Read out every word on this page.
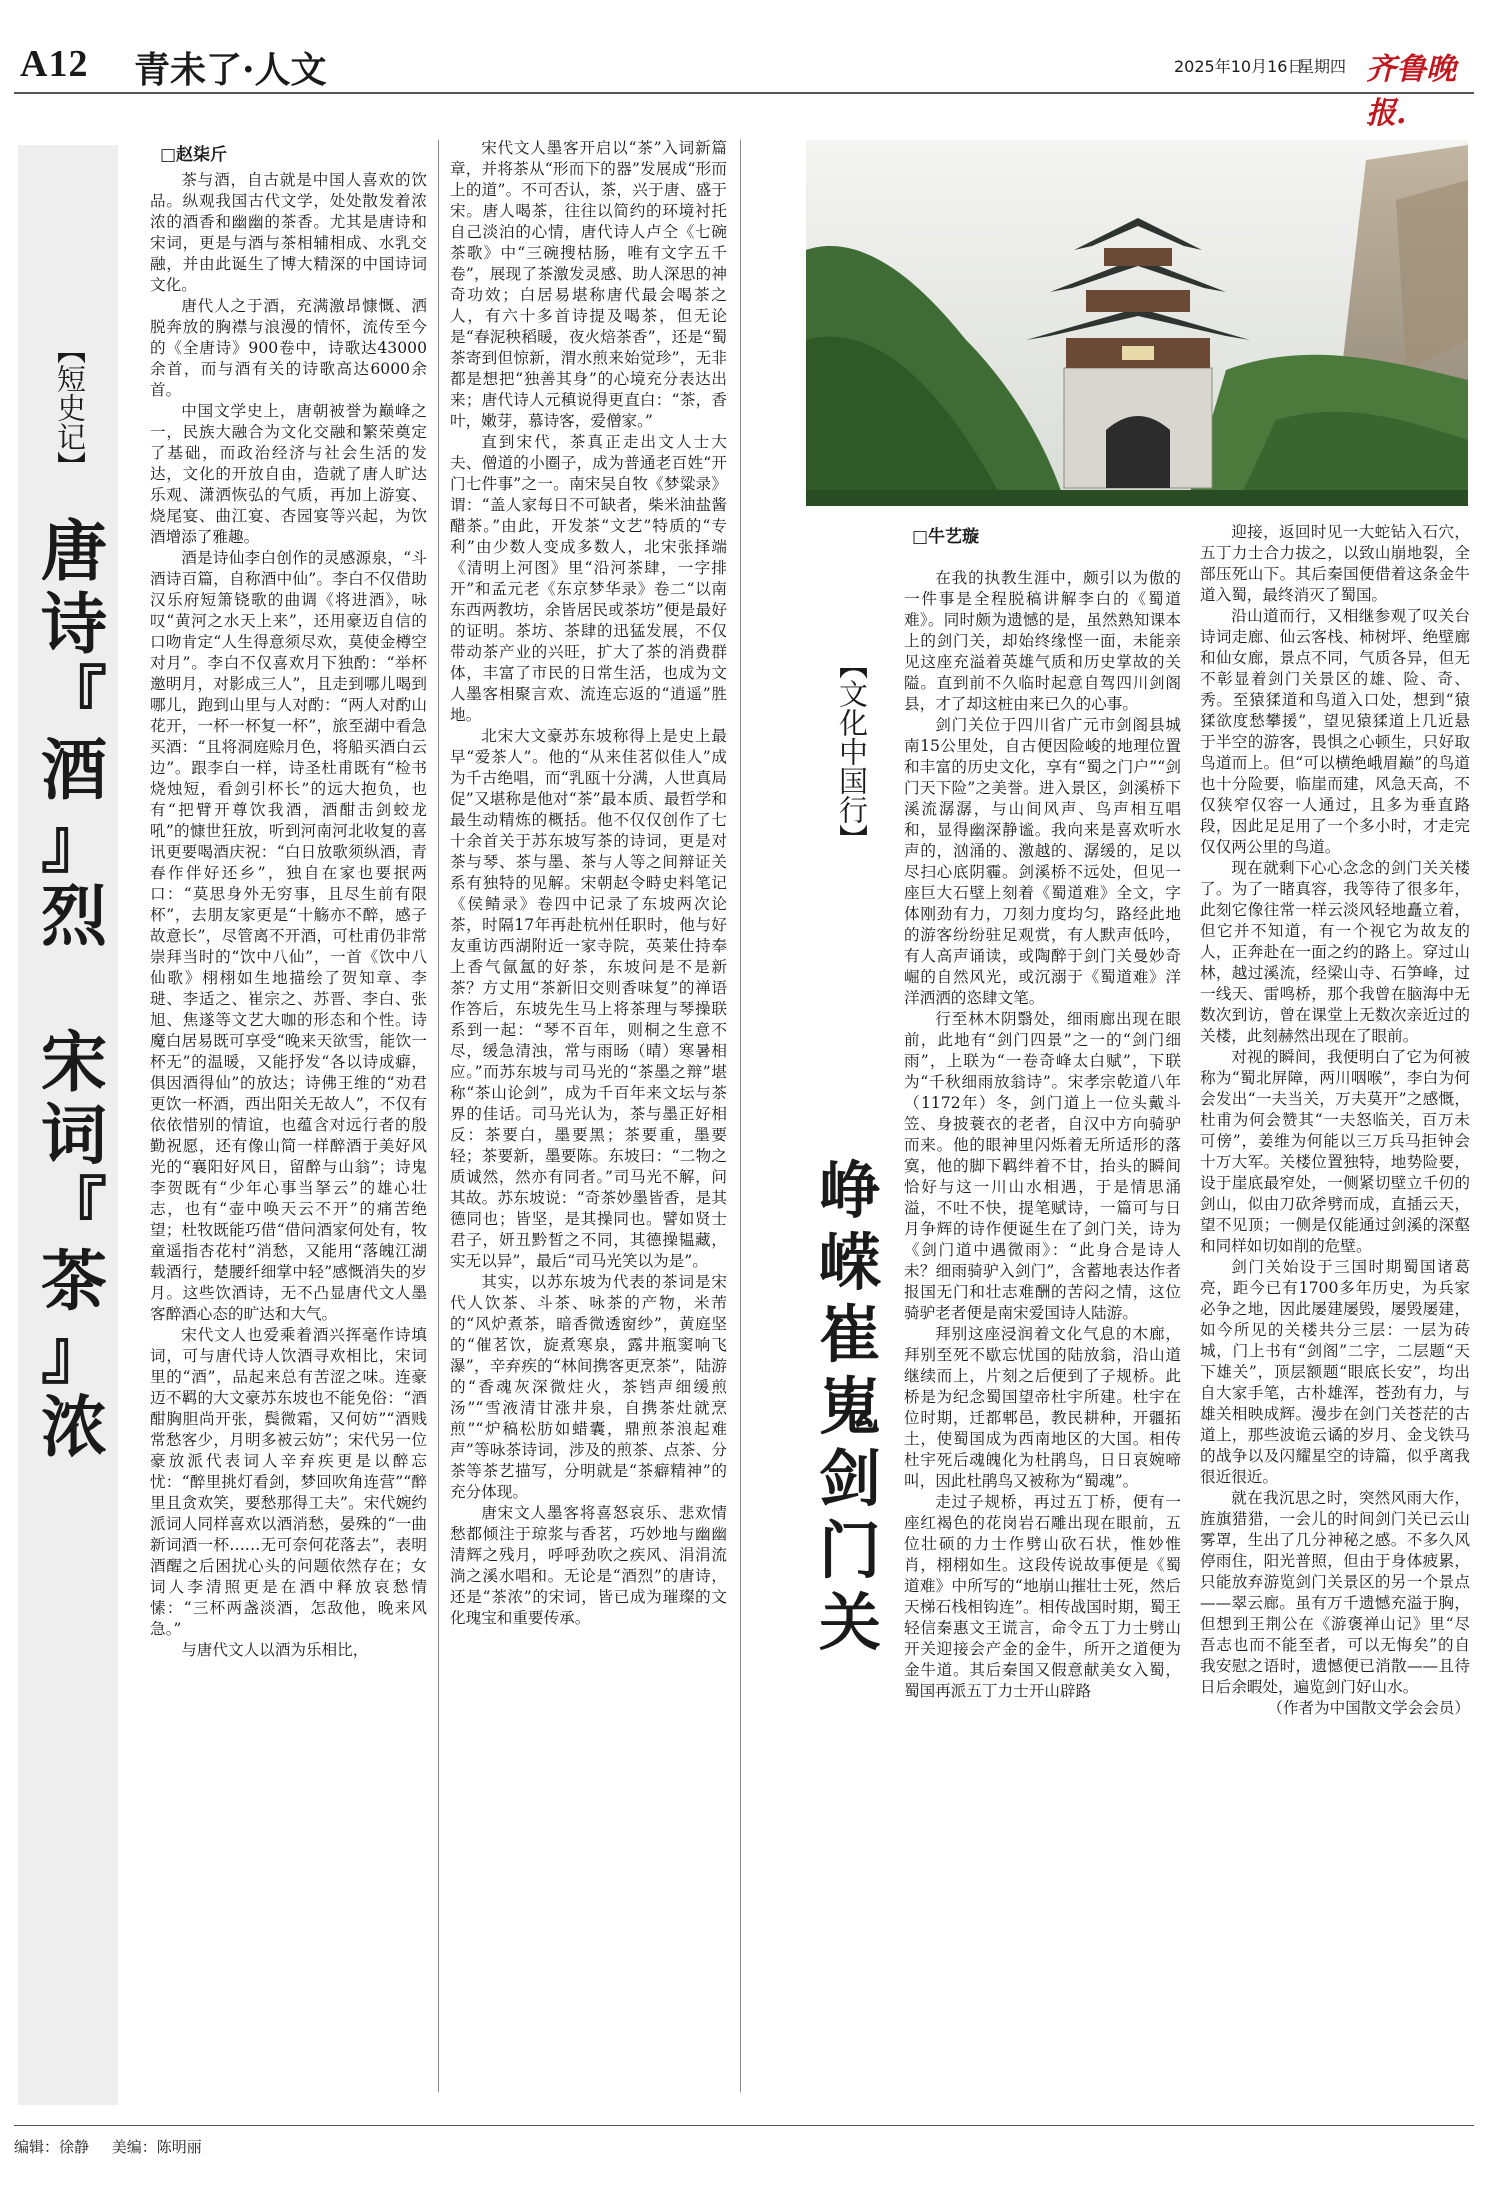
A12 青未了·人文	2025年10月16日
星期四 齐鲁晚报.
【短史记】
唐
诗
『
酒
』
烈

宋
词
『
茶
』
浓
□赵柒斤

茶与酒，自古就是中国人喜欢的饮品。纵观我国古代文学，处处散发着浓浓的酒香和幽幽的茶香。尤其是唐诗和宋词，更是与酒与茶相辅相成、水乳交融，并由此诞生了博大精深的中国诗词文化。

唐代人之于酒，充满激昂慷慨、洒脱奔放的胸襟与浪漫的情怀，流传至今的《全唐诗》900卷中，诗歌达43000余首，而与酒有关的诗歌高达6000余首。

中国文学史上，唐朝被誉为巅峰之一，民族大融合为文化交融和繁荣奠定了基础，而政治经济与社会生活的发达，文化的开放自由，造就了唐人旷达乐观、潇洒恢弘的气质，再加上游宴、烧尾宴、曲江宴、杏园宴等兴起，为饮酒增添了雅趣。

酒是诗仙李白创作的灵感源泉，“斗酒诗百篇，自称酒中仙”。李白不仅借助汉乐府短箫铙歌的曲调《将进酒》，咏叹“黄河之水天上来”，还用豪迈自信的口吻肯定“人生得意须尽欢，莫使金樽空对月”。李白不仅喜欢月下独酌：“举杯邀明月，对影成三人”，且走到哪儿喝到哪儿，跑到山里与人对酌：“两人对酌山花开，一杯一杯复一杯”，旅至湖中看急买酒：“且将洞庭赊月色，将船买酒白云边”。跟李白一样，诗圣杜甫既有“检书烧烛短，看剑引杯长”的远大抱负，也有“把臂开尊饮我酒，酒酣击剑蛟龙吼”的慷世狂放，听到河南河北收复的喜讯更要喝酒庆祝：“白日放歌须纵酒，青春作伴好还乡”，独自在家也要抿两口：“莫思身外无穷事，且尽生前有限杯”，去朋友家更是“十觞亦不醉，感子故意长”，尽管离不开酒，可杜甫仍非常崇拜当时的“饮中八仙”，一首《饮中八仙歌》栩栩如生地描绘了贺知章、李琎、李适之、崔宗之、苏晋、李白、张旭、焦遂等文艺大咖的形态和个性。诗魔白居易既可享受“晚来天欲雪，能饮一杯无”的温暖，又能抒发“各以诗成癖，俱因酒得仙”的放达；诗佛王维的“劝君更饮一杯酒，西出阳关无故人”，不仅有依依惜别的情谊，也蕴含对远行者的殷勤祝愿，还有像山简一样醉酒于美好风光的“襄阳好风日，留醉与山翁”；诗鬼李贺既有“少年心事当拏云”的雄心壮志，也有“壶中唤天云不开”的痛苦绝望；杜牧既能巧借“借问酒家何处有，牧童遥指杏花村”消愁，又能用“落魄江湖载酒行，楚腰纤细掌中轻”感慨消失的岁月。这些饮酒诗，无不凸显唐代文人墨客醉酒心态的旷达和大气。

宋代文人也爱乘着酒兴挥毫作诗填词，可与唐代诗人饮酒寻欢相比，宋词里的“酒”，品起来总有苦涩之味。连豪迈不羁的大文豪苏东坡也不能免俗：“酒酣胸胆尚开张，鬓微霜，又何妨”“酒贱常愁客少，月明多被云妨”；宋代另一位豪放派代表词人辛弃疾更是以醉忘忧：“醉里挑灯看剑，梦回吹角连营”“醉里且贪欢笑，要愁那得工夫”。宋代婉约派词人同样喜欢以酒消愁，晏殊的“一曲新词酒一杯……无可奈何花落去”，表明酒醒之后困扰心头的问题依然存在；女词人李清照更是在酒中释放哀愁情愫：“三杯两盏淡酒，怎敌他，晚来风急。”

与唐代文人以酒为乐相比，

宋代文人墨客开启以“茶”入词新篇章，并将茶从“形而下的器”发展成“形而上的道”。不可否认，茶，兴于唐、盛于宋。唐人喝茶，往往以简约的环境衬托自己淡泊的心情，唐代诗人卢仝《七碗茶歌》中“三碗搜枯肠，唯有文字五千卷”，展现了茶激发灵感、助人深思的神奇功效；白居易堪称唐代最会喝茶之人，有六十多首诗提及喝茶，但无论是“春泥秧稻暖，夜火焙茶香”，还是“蜀茶寄到但惊新，渭水煎来始觉珍”，无非都是想把“独善其身”的心境充分表达出来；唐代诗人元稹说得更直白：“茶，香叶，嫩芽，慕诗客，爱僧家。”

直到宋代，茶真正走出文人士大夫、僧道的小圈子，成为普通老百姓“开门七件事”之一。南宋吴自牧《梦粱录》谓：“盖人家每日不可缺者，柴米油盐酱醋茶。”由此，开发茶“文艺”特质的“专利”由少数人变成多数人，北宋张择端《清明上河图》里“沿河茶肆，一字排开”和孟元老《东京梦华录》卷二“以南东西两教坊，余皆居民或茶坊”便是最好的证明。茶坊、茶肆的迅猛发展，不仅带动茶产业的兴旺，扩大了茶的消费群体，丰富了市民的日常生活，也成为文人墨客相聚言欢、流连忘返的“逍遥”胜地。

北宋大文豪苏东坡称得上是史上最早“爱茶人”。他的“从来佳茗似佳人”成为千古绝唱，而“乳瓯十分满，人世真局促”又堪称是他对“茶”最本质、最哲学和最生动精炼的概括。他不仅仅创作了七十余首关于苏东坡写茶的诗词，更是对茶与琴、茶与墨、茶与人等之间辩证关系有独特的见解。宋朝赵令畤史料笔记《侯鲭录》卷四中记录了东坡两次论茶，时隔17年再赴杭州任职时，他与好友重访西湖附近一家寺院，英莱仕持奉上香气氤氲的好茶，东坡问是不是新茶？方丈用“茶新旧交则香味复”的禅语作答后，东坡先生马上将茶理与琴操联系到一起：“琴不百年，则桐之生意不尽，缓急清浊，常与雨旸（晴）寒暑相应。”而苏东坡与司马光的“茶墨之辩”堪称“茶山论剑”，成为千百年来文坛与茶界的佳话。司马光认为，茶与墨正好相反：茶要白，墨要黑；茶要重，墨要轻；茶要新，墨要陈。东坡曰：“二物之质诚然，然亦有同者。”司马光不解，问其故。苏东坡说：“奇茶妙墨皆香，是其德同也；皆坚，是其操同也。譬如贤士君子，妍丑黔皙之不同，其德操韫藏，实无以异”，最后“司马光笑以为是”。

其实，以苏东坡为代表的茶词是宋代人饮茶、斗茶、咏茶的产物，米芾的“风炉煮茶，暗香微透窗纱”，黄庭坚的“催茗饮，旋煮寒泉，露井瓶窦响飞瀑”，辛弃疾的“林间携客更烹茶”，陆游的“香魂灰深微炷火，茶铛声细缓煎汤”“雪液清甘涨井泉，自携茶灶就烹煎”“炉稿松肪如蜡囊，鼎煎茶浪起难声”等咏茶诗词，涉及的煎茶、点茶、分茶等茶艺描写，分明就是“茶癖精神”的充分体现。

唐宋文人墨客将喜怒哀乐、悲欢情愁都倾注于琼浆与香茗，巧妙地与幽幽清辉之残月，呼呼劲吹之疾风、涓涓流淌之溪水唱和。无论是“酒烈”的唐诗，还是“茶浓”的宋词，皆已成为璀璨的文化瑰宝和重要传承。

【文化中国行】
峥
嵘
崔
嵬
剑
门
关
□牛艺璇

在我的执教生涯中，颇引以为傲的一件事是全程脱稿讲解李白的《蜀道难》。同时颇为遗憾的是，虽然熟知课本上的剑门关，却始终缘悭一面，未能亲见这座充溢着英雄气质和历史掌故的关隘。直到前不久临时起意自驾四川剑阁县，才了却这桩由来已久的心事。

剑门关位于四川省广元市剑阁县城南15公里处，自古便因险峻的地理位置和丰富的历史文化，享有“蜀之门户”“剑门天下险”之美誉。进入景区，剑溪桥下溪流潺潺，与山间风声、鸟声相互唱和，显得幽深静谧。我向来是喜欢听水声的，汹涌的、激越的、潺缓的，足以尽扫心底阴霾。剑溪桥不远处，但见一座巨大石壁上刻着《蜀道难》全文，字体刚劲有力，刀刻力度均匀，路经此地的游客纷纷驻足观赏，有人默声低吟，有人高声诵读，或陶醉于剑门关曼妙奇崛的自然风光，或沉溺于《蜀道难》洋洋洒洒的恣肆文笔。

行至林木阴翳处，细雨廊出现在眼前，此地有“剑门四景”之一的“剑门细雨”，上联为“一卷奇峰太白赋”，下联为“千秋细雨放翁诗”。宋孝宗乾道八年（1172年）冬，剑门道上一位头戴斗笠、身披蓑衣的老者，自汉中方向骑驴而来。他的眼神里闪烁着无所适形的落寞，他的脚下羁绊着不甘，抬头的瞬间恰好与这一川山水相遇，于是情思涌溢，不吐不快，提笔赋诗，一篇可与日月争辉的诗作便诞生在了剑门关，诗为《剑门道中遇微雨》：“此身合是诗人未？细雨骑驴入剑门”，含蓄地表达作者报国无门和壮志难酬的苦闷之情，这位骑驴老者便是南宋爱国诗人陆游。

拜别这座浸润着文化气息的木廊，拜别至死不歇忘忧国的陆放翁，沿山道继续而上，片刻之后便到了子规桥。此桥是为纪念蜀国望帝杜宇所建。杜宇在位时期，迁都郫邑，教民耕种，开疆拓土，使蜀国成为西南地区的大国。相传杜宇死后魂魄化为杜鹃鸟，日日哀婉啼叫，因此杜鹃鸟又被称为“蜀魂”。

走过子规桥，再过五丁桥，便有一座红褐色的花岗岩石雕出现在眼前，五位壮硕的力士作劈山砍石状，惟妙惟肖，栩栩如生。这段传说故事便是《蜀道难》中所写的“地崩山摧壮士死，然后天梯石栈相钩连”。相传战国时期，蜀王轻信秦惠文王谎言，命令五丁力士劈山开关迎接会产金的金牛，所开之道便为金牛道。其后秦国又假意献美女入蜀，蜀国再派五丁力士开山辟路

迎接，返回时见一大蛇钻入石穴，五丁力士合力拔之，以致山崩地裂，全部压死山下。其后秦国便借着这条金牛道入蜀，最终消灭了蜀国。

沿山道而行，又相继参观了叹关台诗词走廊、仙云客栈、柿树坪、绝壁廊和仙女廊，景点不同，气质各异，但无不彰显着剑门关景区的雄、险、奇、秀。至猿猱道和鸟道入口处，想到“猿猱欲度愁攀援”，望见猿猱道上几近悬于半空的游客，畏惧之心顿生，只好取鸟道而上。但“可以横绝峨眉巅”的鸟道也十分险要，临崖而建，风急天高，不仅狭窄仅容一人通过，且多为垂直路段，因此足足用了一个多小时，才走完仅仅两公里的鸟道。

现在就剩下心心念念的剑门关关楼了。为了一睹真容，我等待了很多年，此刻它像往常一样云淡风轻地矗立着，但它并不知道，有一个视它为故友的人，正奔赴在一面之约的路上。穿过山林，越过溪流，经梁山寺、石笋峰，过一线天、雷鸣桥，那个我曾在脑海中无数次到访，曾在课堂上无数次亲近过的关楼，此刻赫然出现在了眼前。

对视的瞬间，我便明白了它为何被称为“蜀北屏障，两川咽喉”，李白为何会发出“一夫当关，万夫莫开”之感慨，杜甫为何会赞其“一夫怒临关，百万未可傍”，姜维为何能以三万兵马拒钟会十万大军。关楼位置独特，地势险要，设于崖底最窄处，一侧紧切壁立千仞的剑山，似由刀砍斧劈而成，直插云天，望不见顶；一侧是仅能通过剑溪的深壑和同样如切如削的危壁。

剑门关始设于三国时期蜀国诸葛亮，距今已有1700多年历史，为兵家必争之地，因此屡建屡毁，屡毁屡建，如今所见的关楼共分三层：一层为砖城，门上书有“剑阁”二字，二层题“天下雄关”，顶层额题“眼底长安”，均出自大家手笔，古朴雄浑，苍劲有力，与雄关相映成辉。漫步在剑门关苍茫的古道上，那些波诡云谲的岁月、金戈铁马的战争以及闪耀星空的诗篇，似乎离我很近很近。

就在我沉思之时，突然风雨大作，旌旗猎猎，一会儿的时间剑门关已云山雾罩，生出了几分神秘之感。不多久风停雨住，阳光普照，但由于身体疲累，只能放弃游览剑门关景区的另一个景点——翠云廊。虽有万千遗憾充溢于胸，但想到王荆公在《游褒禅山记》里“尽吾志也而不能至者，可以无悔矣”的自我安慰之语时，遗憾便已消散——且待日后余暇处，遍览剑门好山水。

（作者为中国散文学会会员）

编辑：徐静 美编：陈明丽
